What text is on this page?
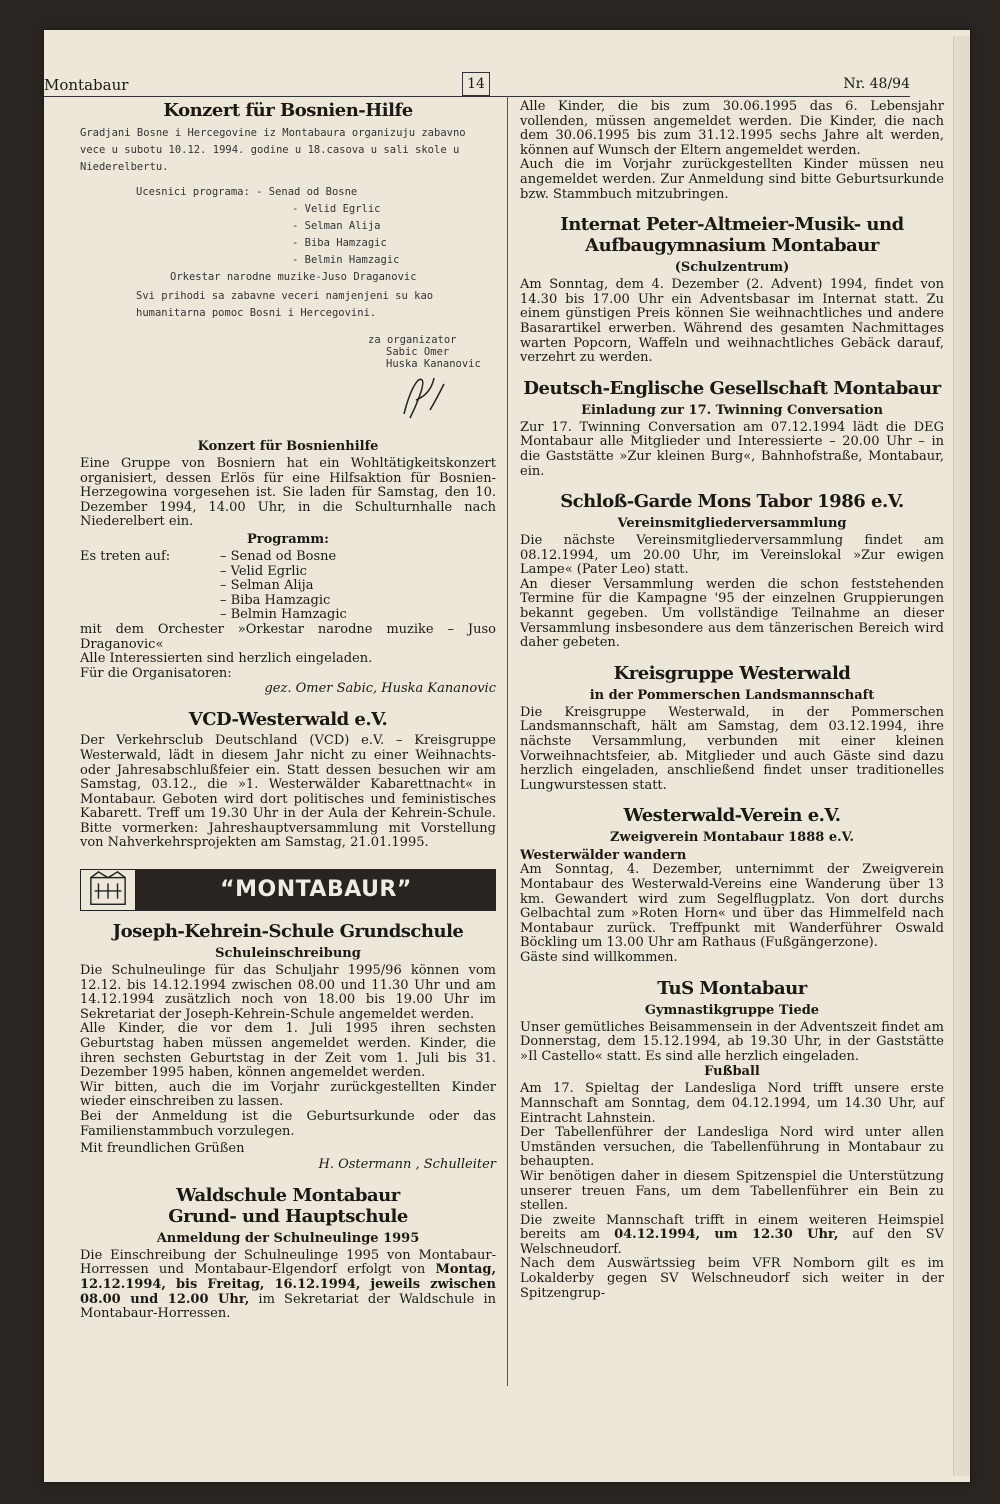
Montabaur	14	Nr. 48/94
Konzert für Bosnien-Hilfe

Gradjani Bosne i Hercegovine iz Montabaura organizuju zabavno vece u subotu 10.12. 1994. godine u 18.casova u sali skole u Niederelbertu.

Ucesnici programa: - Senad od Bosne

- Velid Egrlic

- Selman Alija

- Biba Hamzagic

- Belmin Hamzagic

Orkestar narodne muzike-Juso Draganovic

Svi prihodi sa zabavne veceri namjenjeni su kao humanitarna pomoc Bosni i Hercegovini.

za organizator
Sabic Omer
Huska Kananovic
Konzert für Bosnienhilfe

Eine Gruppe von Bosniern hat ein Wohltätigkeitskonzert organisiert, dessen Erlös für eine Hilfsaktion für Bosnien-Herzegowina vorgesehen ist. Sie laden für Samstag, den 10. Dezember 1994, 14.00 Uhr, in die Schulturnhalle nach Niederelbert ein.

Programm:
Es treten auf:	– Senad od Bosne
– Velid Egrlic
– Selman Alija
– Biba Hamzagic
– Belmin Hamzagic

mit dem Orchester »Orkestar narodne muzike – Juso Draganovic«

Alle Interessierten sind herzlich eingeladen.

Für die Organisatoren:

gez. Omer Sabic, Huska Kananovic
VCD-Westerwald e.V.

Der Verkehrsclub Deutschland (VCD) e.V. – Kreisgruppe Westerwald, lädt in diesem Jahr nicht zu einer Weihnachts- oder Jahresabschlußfeier ein. Statt dessen besuchen wir am Samstag, 03.12., die »1. Westerwälder Kabarettnacht« in Montabaur. Geboten wird dort politisches und feministisches Kabarett. Treff um 19.30 Uhr in der Aula der Kehrein-Schule. Bitte vormerken: Jahreshauptversammlung mit Vorstellung von Nahverkehrsprojekten am Samstag, 21.01.1995.

“MONTABAUR”
Joseph-Kehrein-Schule Grundschule
Schuleinschreibung

Die Schulneulinge für das Schuljahr 1995/96 können vom 12.12. bis 14.12.1994 zwischen 08.00 und 11.30 Uhr und am 14.12.1994 zusätzlich noch von 18.00 bis 19.00 Uhr im Sekretariat der Joseph-Kehrein-Schule angemeldet werden.

Alle Kinder, die vor dem 1. Juli 1995 ihren sechsten Geburtstag haben müssen angemeldet werden. Kinder, die ihren sechsten Geburtstag in der Zeit vom 1. Juli bis 31. Dezember 1995 haben, können angemeldet werden.

Wir bitten, auch die im Vorjahr zurückgestellten Kinder wieder einschreiben zu lassen.

Bei der Anmeldung ist die Geburtsurkunde oder das Familienstammbuch vorzulegen.

Mit freundlichen Grüßen

H. Ostermann , Schulleiter
Waldschule Montabaur
Grund- und Hauptschule
Anmeldung der Schulneulinge 1995

Die Einschreibung der Schulneulinge 1995 von Montabaur-Horressen und Montabaur-Elgendorf erfolgt von Montag, 12.12.1994, bis Freitag, 16.12.1994, jeweils zwischen 08.00 und 12.00 Uhr, im Sekretariat der Waldschule in Montabaur-Horressen.

Alle Kinder, die bis zum 30.06.1995 das 6. Lebensjahr vollenden, müssen angemeldet werden. Die Kinder, die nach dem 30.06.1995 bis zum 31.12.1995 sechs Jahre alt werden, können auf Wunsch der Eltern angemeldet werden.

Auch die im Vorjahr zurückgestellten Kinder müssen neu angemeldet werden. Zur Anmeldung sind bitte Geburtsurkunde bzw. Stammbuch mitzubringen.

Internat Peter-Altmeier-Musik- und Aufbaugymnasium Montabaur
(Schulzentrum)

Am Sonntag, dem 4. Dezember (2. Advent) 1994, findet von 14.30 bis 17.00 Uhr ein Adventsbasar im Internat statt. Zu einem günstigen Preis können Sie weihnachtliches und andere Basarartikel erwerben. Während des gesamten Nachmittages warten Popcorn, Waffeln und weihnachtliches Gebäck darauf, verzehrt zu werden.

Deutsch-Englische Gesellschaft Montabaur
Einladung zur 17. Twinning Conversation

Zur 17. Twinning Conversation am 07.12.1994 lädt die DEG Montabaur alle Mitglieder und Interessierte – 20.00 Uhr – in die Gaststätte »Zur kleinen Burg«, Bahnhofstraße, Montabaur, ein.

Schloß-Garde Mons Tabor 1986 e.V.
Vereinsmitgliederversammlung

Die nächste Vereinsmitgliederversammlung findet am 08.12.1994, um 20.00 Uhr, im Vereinslokal »Zur ewigen Lampe« (Pater Leo) statt.

An dieser Versammlung werden die schon feststehenden Termine für die Kampagne '95 der einzelnen Gruppierungen bekannt gegeben. Um vollständige Teilnahme an dieser Versammlung insbesondere aus dem tänzerischen Bereich wird daher gebeten.

Kreisgruppe Westerwald
in der Pommerschen Landsmannschaft

Die Kreisgruppe Westerwald, in der Pommerschen Landsmannschaft, hält am Samstag, dem 03.12.1994, ihre nächste Versammlung, verbunden mit einer kleinen Vorweihnachtsfeier, ab. Mitglieder und auch Gäste sind dazu herzlich eingeladen, anschließend findet unser traditionelles Lungwurstessen statt.

Westerwald-Verein e.V.
Zweigverein Montabaur 1888 e.V.
Westerwälder wandern

Am Sonntag, 4. Dezember, unternimmt der Zweigverein Montabaur des Westerwald-Vereins eine Wanderung über 13 km. Gewandert wird zum Segelflugplatz. Von dort durchs Gelbachtal zum »Roten Horn« und über das Himmelfeld nach Montabaur zurück. Treffpunkt mit Wanderführer Oswald Böckling um 13.00 Uhr am Rathaus (Fußgängerzone).

Gäste sind willkommen.

TuS Montabaur
Gymnastikgruppe Tiede

Unser gemütliches Beisammensein in der Adventszeit findet am Donnerstag, dem 15.12.1994, ab 19.30 Uhr, in der Gaststätte »Il Castello« statt. Es sind alle herzlich eingeladen.

Fußball

Am 17. Spieltag der Landesliga Nord trifft unsere erste Mannschaft am Sonntag, dem 04.12.1994, um 14.30 Uhr, auf Eintracht Lahnstein.

Der Tabellenführer der Landesliga Nord wird unter allen Umständen versuchen, die Tabellenführung in Montabaur zu behaupten.

Wir benötigen daher in diesem Spitzenspiel die Unterstützung unserer treuen Fans, um dem Tabellenführer ein Bein zu stellen.

Die zweite Mannschaft trifft in einem weiteren Heimspiel bereits am 04.12.1994, um 12.30 Uhr, auf den SV Welschneudorf.

Nach dem Auswärtssieg beim VFR Nomborn gilt es im Lokalderby gegen SV Welschneudorf sich weiter in der Spitzengrup-
